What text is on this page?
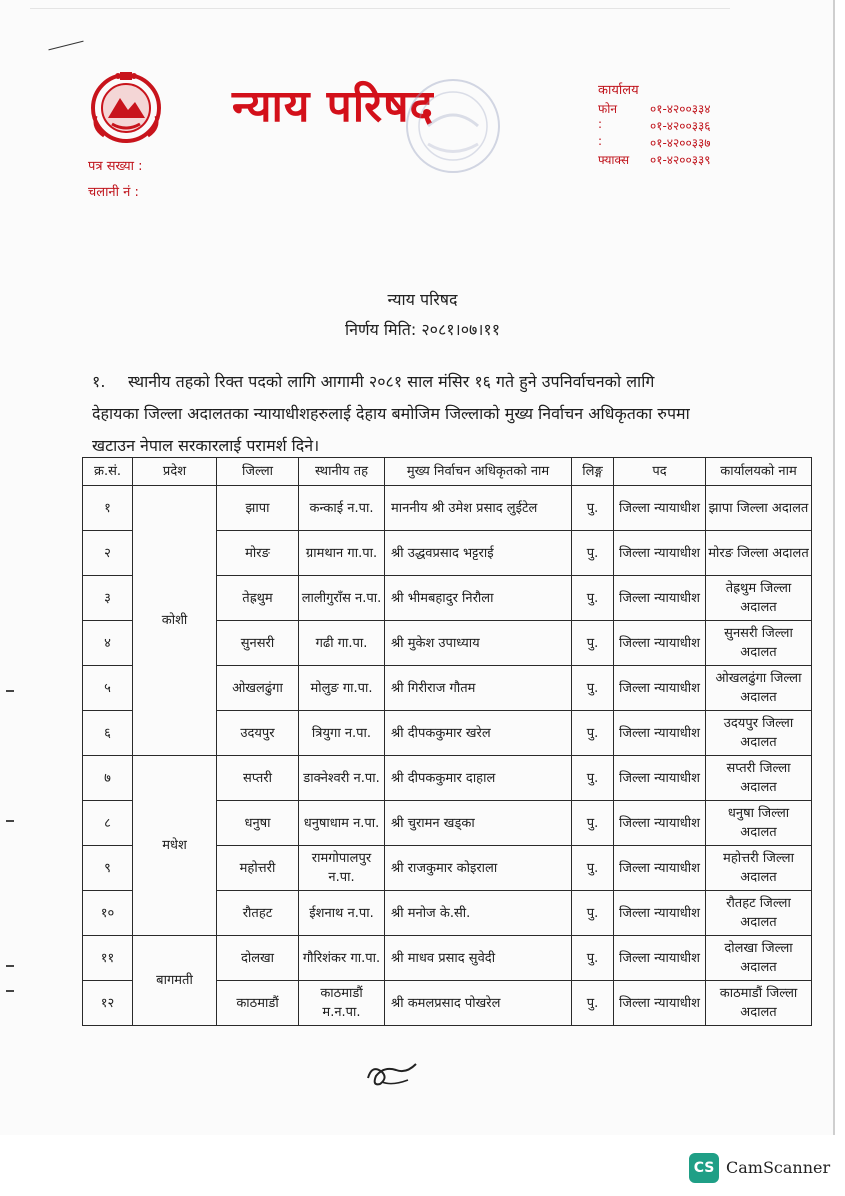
न्याय परिषद
पत्र सख्या :
चलानी नं :
कार्यालय
फोन	०१-४२००३३४
:	०१-४२००३३६
:	०१-४२००३३७
फ्याक्स	०१-४२००३३९
न्याय परिषद
निर्णय मिति: २०८१।०७।११
१.	स्थानीय तहको रिक्त पदको लागि आगामी २०८१ साल मंसिर १६ गते हुने उपनिर्वाचनको लागि
देहायका जिल्ला अदालतका न्यायाधीशहरुलाई देहाय बमोजिम जिल्लाको मुख्य निर्वाचन अधिकृतका रुपमा
खटाउन नेपाल सरकारलाई परामर्श दिने।
क्र.सं.	प्रदेश	जिल्ला	स्थानीय तह	मुख्य निर्वाचन अधिकृतको नाम	लिङ्ग	पद	कार्यालयको नाम
१	कोशी	झापा	कन्काई न.पा.	माननीय श्री उमेश प्रसाद लुईटेल	पु.	जिल्ला न्यायाधीश	झापा जिल्ला अदालत
२		मोरङ	ग्रामथान गा.पा.	श्री उद्धवप्रसाद भट्टराई	पु.	जिल्ला न्यायाधीश	मोरङ जिल्ला अदालत
३		तेह्रथुम	लालीगुराँस न.पा.	श्री भीमबहादुर निरौला	पु.	जिल्ला न्यायाधीश	तेह्रथुम जिल्ला अदालत
४		सुनसरी	गढी गा.पा.	श्री मुकेश उपाध्याय	पु.	जिल्ला न्यायाधीश	सुनसरी जिल्ला अदालत
५		ओखलढुंगा	मोलुङ गा.पा.	श्री गिरीराज गौतम	पु.	जिल्ला न्यायाधीश	ओखलढुंगा जिल्ला अदालत
६		उदयपुर	त्रियुगा न.पा.	श्री दीपककुमार खरेल	पु.	जिल्ला न्यायाधीश	उदयपुर जिल्ला अदालत
७	मधेश	सप्तरी	डाक्नेश्वरी न.पा.	श्री दीपककुमार दाहाल	पु.	जिल्ला न्यायाधीश	सप्तरी जिल्ला अदालत
८		धनुषा	धनुषाधाम न.पा.	श्री चुरामन खड्का	पु.	जिल्ला न्यायाधीश	धनुषा जिल्ला अदालत
९		महोत्तरी	रामगोपालपुर न.पा.	श्री राजकुमार कोइराला	पु.	जिल्ला न्यायाधीश	महोत्तरी जिल्ला अदालत
१०		रौतहट	ईशनाथ न.पा.	श्री मनोज के.सी.	पु.	जिल्ला न्यायाधीश	रौतहट जिल्ला अदालत
११	बागमती	दोलखा	गौरिशंकर गा.पा.	श्री माधव प्रसाद सुवेदी	पु.	जिल्ला न्यायाधीश	दोलखा जिल्ला अदालत
१२		काठमाडौं	काठमाडौं म.न.पा.	श्री कमलप्रसाद पोखरेल	पु.	जिल्ला न्यायाधीश	काठमाडौं जिल्ला अदालत
CS CamScanner
